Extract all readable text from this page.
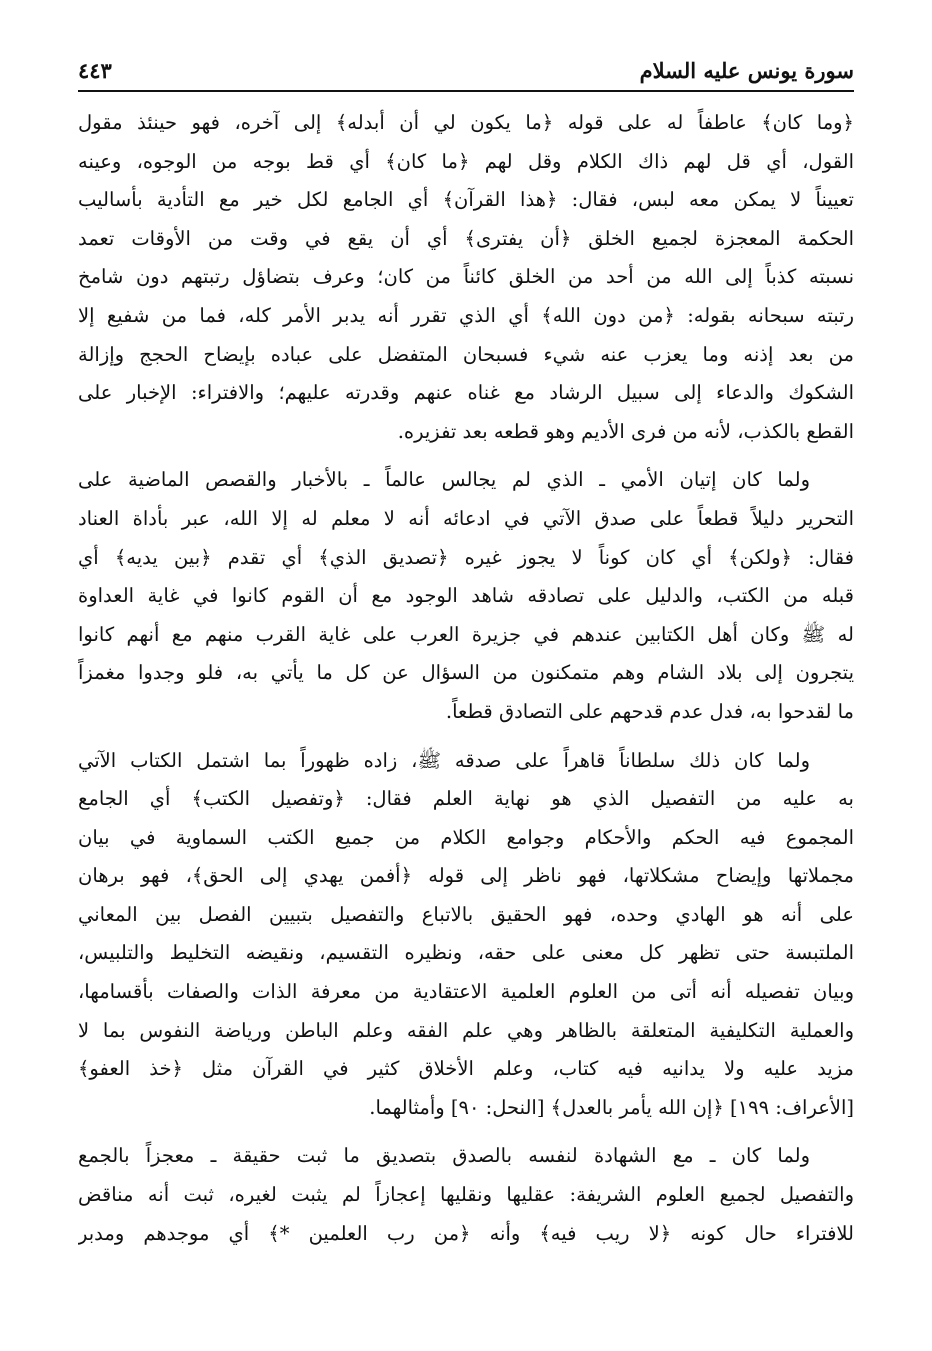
سورة يونس عليه السلام
٤٤٣
﴿وما كان﴾ عاطفاً له على قوله ﴿ما يكون لي أن أبدله﴾ إلى آخره، فهو حينئذ مقول
القول، أي قل لهم ذاك الكلام وقل لهم ﴿ما كان﴾ أي قط بوجه من الوجوه، وعينه
تعييناً لا يمكن معه لبس، فقال: ﴿هذا القرآن﴾ أي الجامع لكل خير مع التأدية بأساليب
الحكمة المعجزة لجميع الخلق ﴿أن يفترى﴾ أي أن يقع في وقت من الأوقات تعمد
نسبته كذباً إلى الله من أحد من الخلق كائناً من كان؛ وعرف بتضاؤل رتبتهم دون شامخ
رتبته سبحانه بقوله: ﴿من دون الله﴾ أي الذي تقرر أنه يدبر الأمر كله، فما من شفيع إلا
من بعد إذنه وما يعزب عنه شيء فسبحان المتفضل على عباده بإيضاح الحجج وإزالة
الشكوك والدعاء إلى سبيل الرشاد مع غناه عنهم وقدرته عليهم؛ والافتراء: الإخبار على
القطع بالكذب، لأنه من فرى الأديم وهو قطعه بعد تفزيره.
ولما كان إتيان الأمي ـ الذي لم يجالس عالماً ـ بالأخبار والقصص الماضية على
التحرير دليلاً قطعاً على صدق الآتي في ادعائه أنه لا معلم له إلا الله، عبر بأداة العناد
فقال: ﴿ولكن﴾ أي كان كوناً لا يجوز غيره ﴿تصديق الذي﴾ أي تقدم ﴿بين يديه﴾ أي
قبله من الكتب، والدليل على تصادقه شاهد الوجود مع أن القوم كانوا في غاية العداوة
له ﷺ وكان أهل الكتابين عندهم في جزيرة العرب على غاية القرب منهم مع أنهم كانوا
يتجرون إلى بلاد الشام وهم متمكنون من السؤال عن كل ما يأتي به، فلو وجدوا مغمزاً
ما لقدحوا به، فدل عدم قدحهم على التصادق قطعاً.
ولما كان ذلك سلطاناً قاهراً على صدقه ﷺ، زاده ظهوراً بما اشتمل الكتاب الآتي
به عليه من التفصيل الذي هو نهاية العلم فقال: ﴿وتفصيل الكتب﴾ أي الجامع
المجموع فيه الحكم والأحكام وجوامع الكلام من جميع الكتب السماوية في بيان
مجملاتها وإيضاح مشكلاتها، فهو ناظر إلى قوله ﴿أفمن يهدي إلى الحق﴾، فهو برهان
على أنه هو الهادي وحده، فهو الحقيق بالاتباع والتفصيل بتبيين الفصل بين المعاني
الملتبسة حتى تظهر كل معنى على حقه، ونظيره التقسيم، ونقيضه التخليط والتلبيس،
وبيان تفصيله أنه أتى من العلوم العلمية الاعتقادية من معرفة الذات والصفات بأقسامها،
والعملية التكليفية المتعلقة بالظاهر وهي علم الفقه وعلم الباطن ورياضة النفوس بما لا
مزيد عليه ولا يدانيه فيه كتاب، وعلم الأخلاق كثير في القرآن مثل ﴿خذ العفو﴾
[الأعراف: ١٩٩] ﴿إن الله يأمر بالعدل﴾ [النحل: ٩٠] وأمثالهما.
ولما كان ـ مع الشهادة لنفسه بالصدق بتصديق ما ثبت حقيقة ـ معجزاً بالجمع
والتفصيل لجميع العلوم الشريفة: عقليها ونقليها إعجازاً لم يثبت لغيره، ثبت أنه مناقض
للافتراء حال كونه ﴿لا ريب فيه﴾ وأنه ﴿من رب العلمين *﴾ أي موجدهم ومدبر
